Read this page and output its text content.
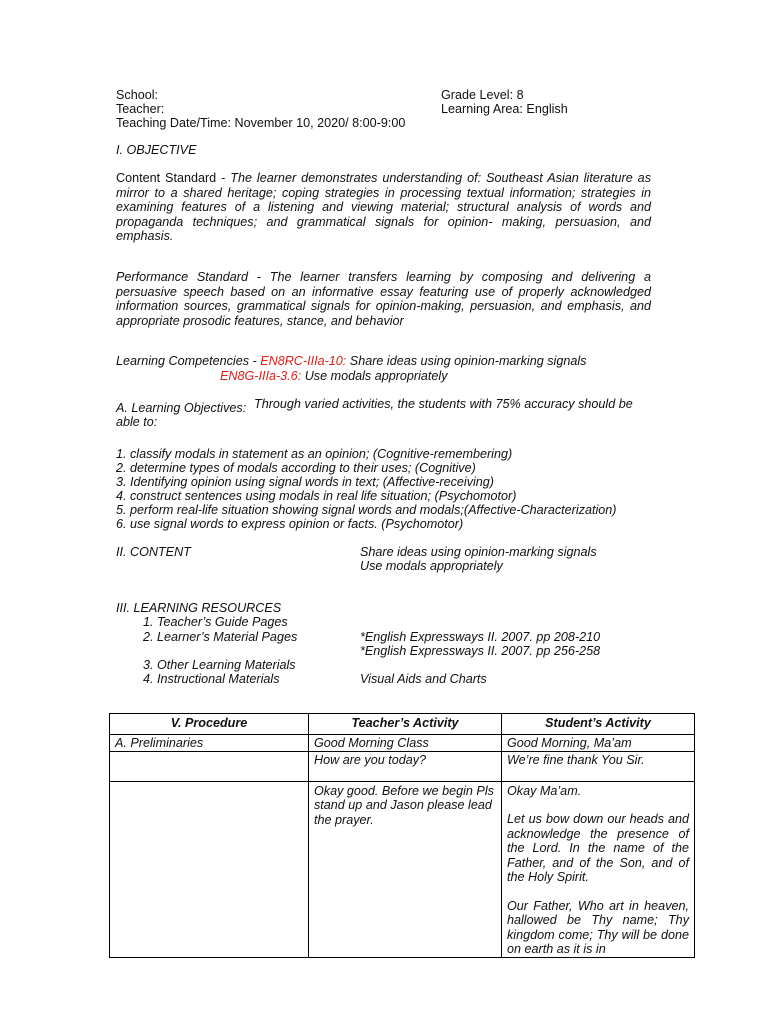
School:
Teacher:
Teaching Date/Time: November 10, 2020/ 8:00-9:00
Grade Level: 8
Learning Area: English
I. OBJECTIVE
Content Standard - The learner demonstrates understanding of: Southeast Asian literature as
mirror to a shared heritage; coping strategies in processing textual information; strategies in
examining features of a listening and viewing material; structural analysis of words and
propaganda techniques; and grammatical signals for opinion- making, persuasion, and
emphasis.
Performance Standard - The learner transfers learning by composing and delivering a
persuasive speech based on an informative essay featuring use of properly acknowledged
information sources, grammatical signals for opinion-making, persuasion, and emphasis, and
appropriate prosodic features, stance, and behavior
Learning Competencies - EN8RC-IIIa-10: Share ideas using opinion-marking signals
EN8G-IIIa-3.6: Use modals appropriately
A. Learning Objectives: Through varied activities, the students with 75% accuracy should be
able to:
1. classify modals in statement as an opinion; (Cognitive-remembering)
2. determine types of modals according to their uses; (Cognitive)
3. Identifying opinion using signal words in text; (Affective-receiving)
4. construct sentences using modals in real life situation; (Psychomotor)
5. perform real-life situation showing signal words and modals;(Affective-Characterization)
6. use signal words to express opinion or facts. (Psychomotor)
II. CONTENT	Share ideas using opinion-marking signals
Use modals appropriately
III. LEARNING RESOURCES
1. Teacher’s Guide Pages
2. Learner’s Material Pages	*English Expressways II. 2007. pp 208-210
*English Expressways II. 2007. pp 256-258
3. Other Learning Materials
4. Instructional Materials	Visual Aids and Charts
V. Procedure	Teacher’s Activity	Student’s Activity
A. Preliminaries	Good Morning Class	Good Morning, Ma’am
	How are you today?	We’re fine thank You Sir.
	Okay good. Before we begin Pls stand up and Jason please lead the prayer.	Okay Ma’am.

Let us bow down our heads and acknowledge the presence of the Lord. In the name of the Father, and of the Son, and of the Holy Spirit.

Our Father, Who art in heaven, hallowed be Thy name; Thy kingdom come; Thy will be done on earth as it is in
